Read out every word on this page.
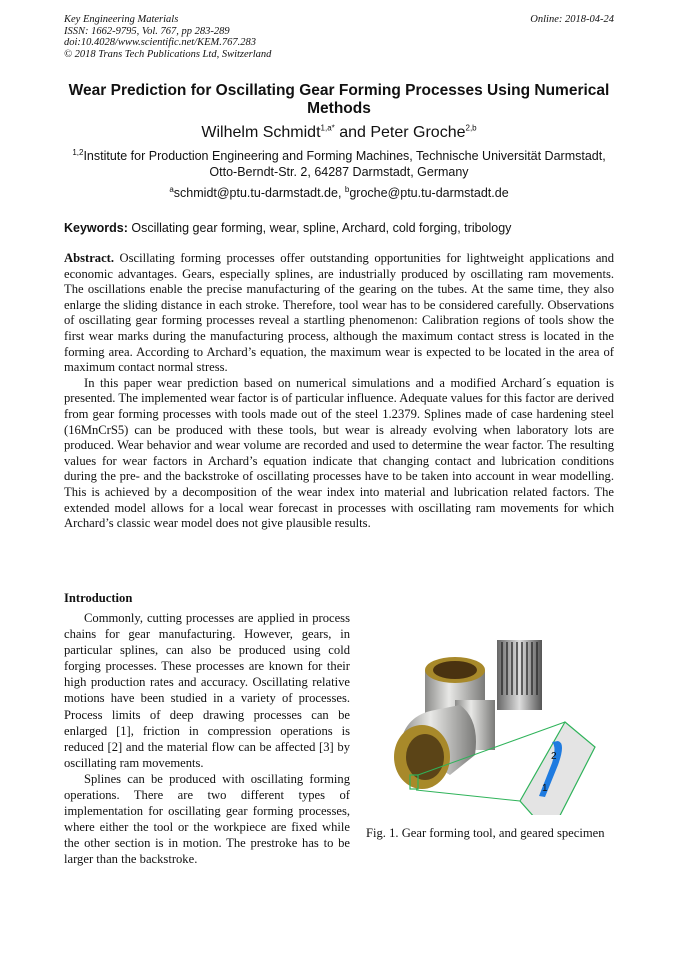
Key Engineering Materials
ISSN: 1662-9795, Vol. 767, pp 283-289
doi:10.4028/www.scientific.net/KEM.767.283
© 2018 Trans Tech Publications Ltd, Switzerland
Online: 2018-04-24
Wear Prediction for Oscillating Gear Forming Processes Using Numerical Methods
Wilhelm Schmidt$^{1,a*}$ and Peter Groche$^{2,b}$
$^{1,2}$Institute for Production Engineering and Forming Machines, Technische Universität Darmstadt, Otto-Berndt-Str. 2, 64287 Darmstadt, Germany
$^a$schmidt@ptu.tu-darmstadt.de, $^b$groche@ptu.tu-darmstadt.de
Keywords: Oscillating gear forming, wear, spline, Archard, cold forging, tribology

Abstract. Oscillating forming processes offer outstanding opportunities for lightweight applications and economic advantages. Gears, especially splines, are industrially produced by oscillating ram movements. The oscillations enable the precise manufacturing of the gearing on the tubes. At the same time, they also enlarge the sliding distance in each stroke. Therefore, tool wear has to be considered carefully. Observations of oscillating gear forming processes reveal a startling phenomenon: Calibration regions of tools show the first wear marks during the manufacturing process, although the maximum contact stress is located in the forming area. According to Archard’s equation, the maximum wear is expected to be located in the area of maximum contact normal stress.

In this paper wear prediction based on numerical simulations and a modified Archard´s equation is presented. The implemented wear factor is of particular influence. Adequate values for this factor are derived from gear forming processes with tools made out of the steel 1.2379. Splines made of case hardening steel (16MnCrS5) can be produced with these tools, but wear is already evolving when laboratory lots are produced. Wear behavior and wear volume are recorded and used to determine the wear factor. The resulting values for wear factors in Archard’s equation indicate that changing contact and lubrication conditions during the pre- and the backstroke of oscillating processes have to be taken into account in wear modelling. This is achieved by a decomposition of the wear index into material and lubrication related factors. The extended model allows for a local wear forecast in processes with oscillating ram movements for which Archard’s classic wear model does not give plausible results.

Introduction

Commonly, cutting processes are applied in process chains for gear manufacturing. However, gears, in particular splines, can also be produced using cold forging processes. These processes are known for their high production rates and accuracy. Oscillating relative motions have been studied in a variety of processes. Process limits of deep drawing processes can be enlarged [1], friction in compression operations is reduced [2] and the material flow can be affected [3] by oscillating ram movements.

Splines can be produced with oscillating forming operations. There are two different types of implementation for oscillating gear forming processes, where either the tool or the workpiece are fixed while the other section is in motion. The prestroke has to be larger than the backstroke.

2
1
Fig. 1. Gear forming tool, and geared specimen
